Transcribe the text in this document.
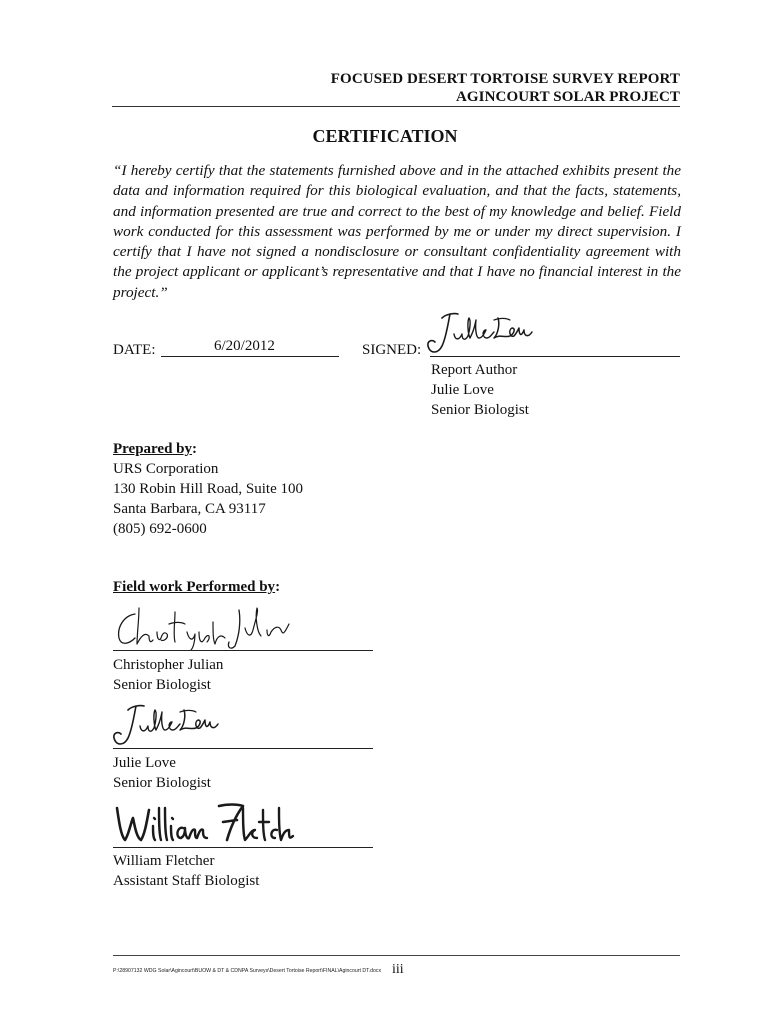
FOCUSED DESERT TORTOISE SURVEY REPORT
AGINCOURT SOLAR PROJECT
CERTIFICATION
“I hereby certify that the statements furnished above and in the attached exhibits present the data and information required for this biological evaluation, and that the facts, statements, and information presented are true and correct to the best of my knowledge and belief. Field work conducted for this assessment was performed by me or under my direct supervision. I certify that I have not signed a nondisclosure or consultant confidentiality agreement with the project applicant or applicant’s representative and that I have no financial interest in the project.”
DATE:	6/20/2012	SIGNED:
Report Author
Julie Love
Senior Biologist
Prepared by:
URS Corporation
130 Robin Hill Road, Suite 100
Santa Barbara, CA 93117
(805) 692-0600
Field work Performed by:
Christopher Julian
Senior Biologist
Julie Love
Senior Biologist
William Fletcher
Assistant Staff Biologist
P:\28907132 WDG Solar\Agincourt\BUOW & DT & CDNPA Surveys\Desert Tortoise Report\FINAL\Agincourt DT.docx iii
